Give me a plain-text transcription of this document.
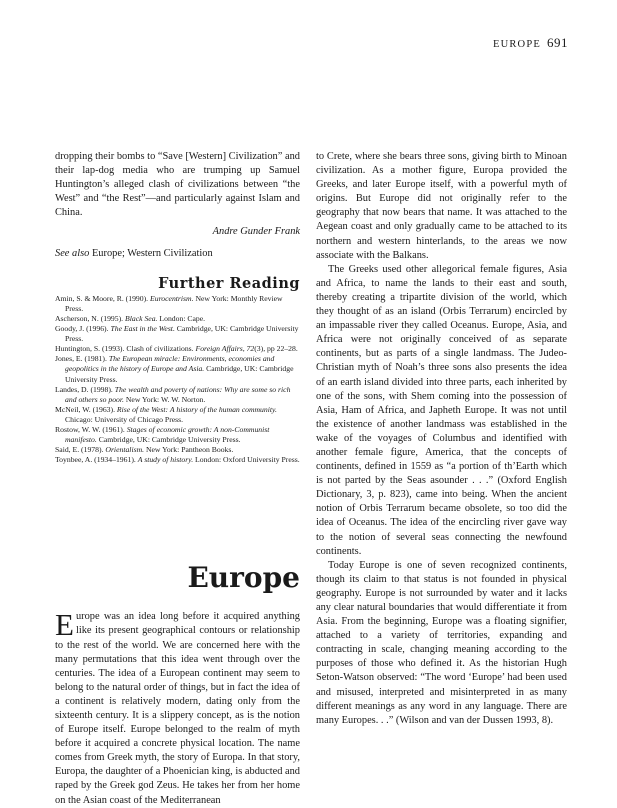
EUROPE 691

dropping their bombs to “Save [Western] Civilization” and their lap-dog media who are trumping up Samuel Huntington’s alleged clash of civilizations between “the West” and “the Rest”—and particularly against Islam and China.

Andre Gunder Frank

See also Europe; Western Civilization

Further Reading

Amin, S. & Moore, R. (1990). Eurocentrism. New York: Monthly Review Press.

Ascherson, N. (1995). Black Sea. London: Cape.

Goody, J. (1996). The East in the West. Cambridge, UK: Cambridge University Press.

Huntington, S. (1993). Clash of civilizations. Foreign Affairs, 72(3), pp 22–28.

Jones, E. (1981). The European miracle: Environments, economies and geopolitics in the history of Europe and Asia. Cambridge, UK: Cambridge University Press.

Landes, D. (1998). The wealth and poverty of nations: Why are some so rich and others so poor. New York: W. W. Norton.

McNeil, W. (1963). Rise of the West: A history of the human community. Chicago: University of Chicago Press.

Rostow, W. W. (1961). Stages of economic growth: A non-Communist manifesto. Cambridge, UK: Cambridge University Press.

Said, E. (1978). Orientalism. New York: Pantheon Books.

Toynbee, A. (1934–1961). A study of history. London: Oxford University Press.

Europe

Europe was an idea long before it acquired anything like its present geographical contours or relationship to the rest of the world. We are concerned here with the many permutations that this idea went through over the centuries. The idea of a European continent may seem to belong to the natural order of things, but in fact the idea of a continent is relatively modern, dating only from the sixteenth century. It is a slippery concept, as is the notion of Europe itself. Europe belonged to the realm of myth before it acquired a concrete physical location. The name comes from Greek myth, the story of Europa. In that story, Europa, the daughter of a Phoenician king, is abducted and raped by the Greek god Zeus. He takes her from her home on the Asian coast of the Mediterranean

to Crete, where she bears three sons, giving birth to Minoan civilization. As a mother figure, Europa provided the Greeks, and later Europe itself, with a powerful myth of origins. But Europe did not originally refer to the geography that now bears that name. It was attached to the Aegean coast and only gradually came to be attached to its northern and western hinterlands, to the areas we now associate with the Balkans.

The Greeks used other allegorical female figures, Asia and Africa, to name the lands to their east and south, thereby creating a tripartite division of the world, which they thought of as an island (Orbis Terrarum) encircled by an impassable river they called Oceanus. Europe, Asia, and Africa were not originally conceived of as separate continents, but as parts of a single landmass. The Judeo-Christian myth of Noah’s three sons also presents the idea of an earth island divided into three parts, each inherited by one of the sons, with Shem coming into the possession of Asia, Ham of Africa, and Japheth Europe. It was not until the existence of another landmass was established in the wake of the voyages of Columbus and identified with another female figure, America, that the concepts of continents, defined in 1559 as “a portion of th’Earth which is not parted by the Seas asounder . . .” (Oxford English Dictionary, 3, p. 823), came into being. When the ancient notion of Orbis Terrarum became obsolete, so too did the idea of Oceanus. The idea of the encircling river gave way to the notion of several seas connecting the newfound continents.

Today Europe is one of seven recognized continents, though its claim to that status is not founded in physical geography. Europe is not surrounded by water and it lacks any clear natural boundaries that would differentiate it from Asia. From the beginning, Europe was a floating signifier, attached to a variety of territories, expanding and contracting in scale, changing meaning according to the purposes of those who defined it. As the historian Hugh Seton-Watson observed: “The word ‘Europe’ had been used and misused, interpreted and misinterpreted in as many different meanings as any word in any language. There are many Europes. . .” (Wilson and van der Dussen 1993, 8).
